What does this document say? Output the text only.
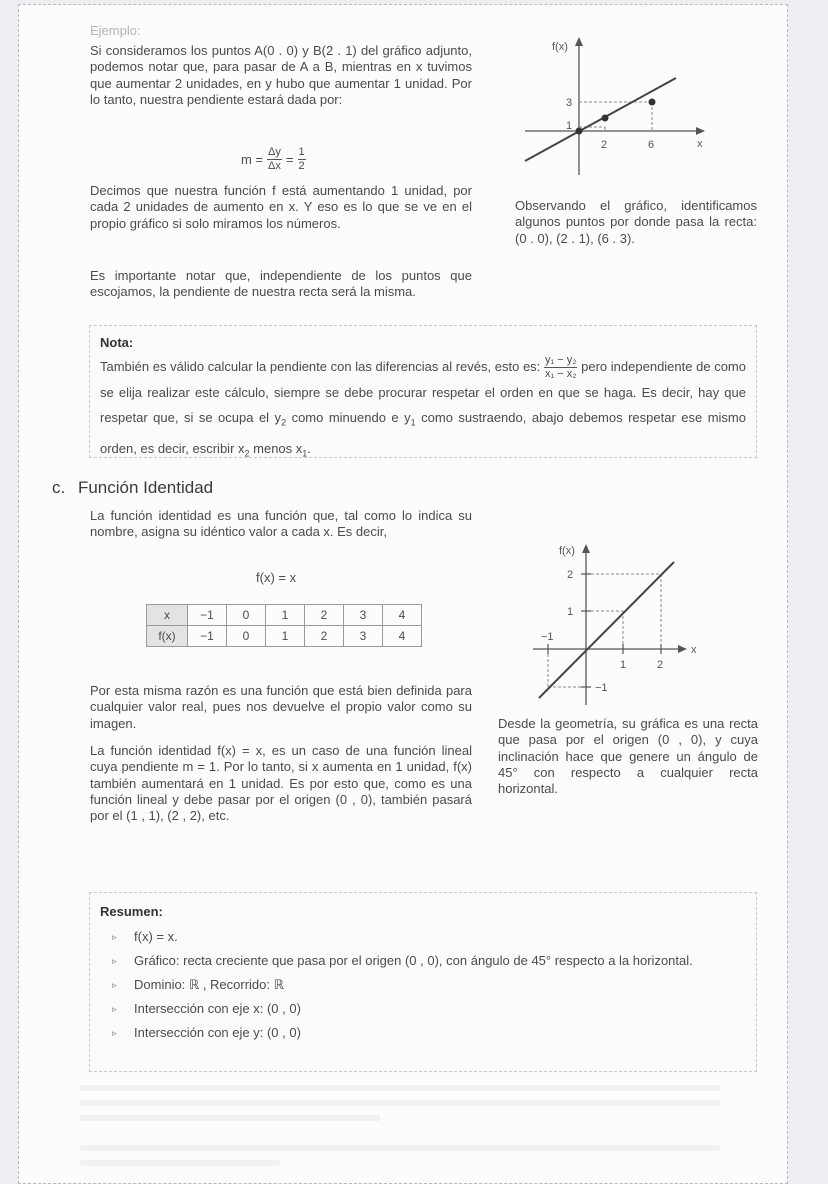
Ejemplo:

Si consideramos los puntos A(0 . 0) y B(2 . 1) del gráfico adjunto, podemos notar que, para pasar de A a B, mientras en x tuvimos que aumentar 2 unidades, en y hubo que aumentar 1 unidad. Por lo tanto, nuestra pendiente estará dada por:

$m = \frac{\Delta y}{\Delta x} = \frac{1}{2}$

Decimos que nuestra función f está aumentando 1 unidad, por cada 2 unidades de aumento en x. Y eso es lo que se ve en el propio gráfico si solo miramos los números.

Es importante notar que, independiente de los puntos que escojamos, la pendiente de nuestra recta será la misma.

f(x)
x
2	6
1
3

Observando el gráfico, identificamos algunos puntos por donde pasa la recta: (0 . 0), (2 . 1), (6 . 3).

Nota:
También es válido calcular la pendiente con las diferencias al revés, esto es: $\frac{\text{y₁ − y₂}}{\text{x₁ − x₂}}$ pero independiente de como se elija realizar este cálculo, siempre se debe procurar respetar el orden en que se haga. Es decir, hay que respetar que, si se ocupa el $y_2$ como minuendo e $y_1$ como sustraendo, abajo debemos respetar ese mismo orden, es decir, escribir $x_2$ menos $x_1$.
c. Función Identidad

La función identidad es una función que, tal como lo indica su nombre, asigna su idéntico valor a cada x. Es decir,

f(x) = x
x	−1	0	1	2	3	4
f(x)	−1	0	1	2	3	4

Por esta misma razón es una función que está bien definida para cualquier valor real, pues nos devuelve el propio valor como su imagen.

La función identidad f(x) = x, es un caso de una función lineal cuya pendiente m = 1. Por lo tanto, si x aumenta en 1 unidad, f(x) también aumentará en 1 unidad. Es por esto que, como es una función lineal y debe pasar por el origen (0 , 0), también pasará por el (1 , 1), (2 , 2), etc.

f(x)
x
−1
1	2
1
2
−1

Desde la geometría, su gráfica es una recta que pasa por el origen (0 , 0), y cuya inclinación hace que genere un ángulo de 45° con respecto a cualquier recta horizontal.

Resumen:
▹ f(x) = x.
▹ Gráfico: recta creciente que pasa por el origen (0 , 0), con ángulo de 45° respecto a la horizontal.
▹ Dominio: ℝ , Recorrido: ℝ
▹ Intersección con eje x: (0 , 0)
▹ Intersección con eje y: (0 , 0)
